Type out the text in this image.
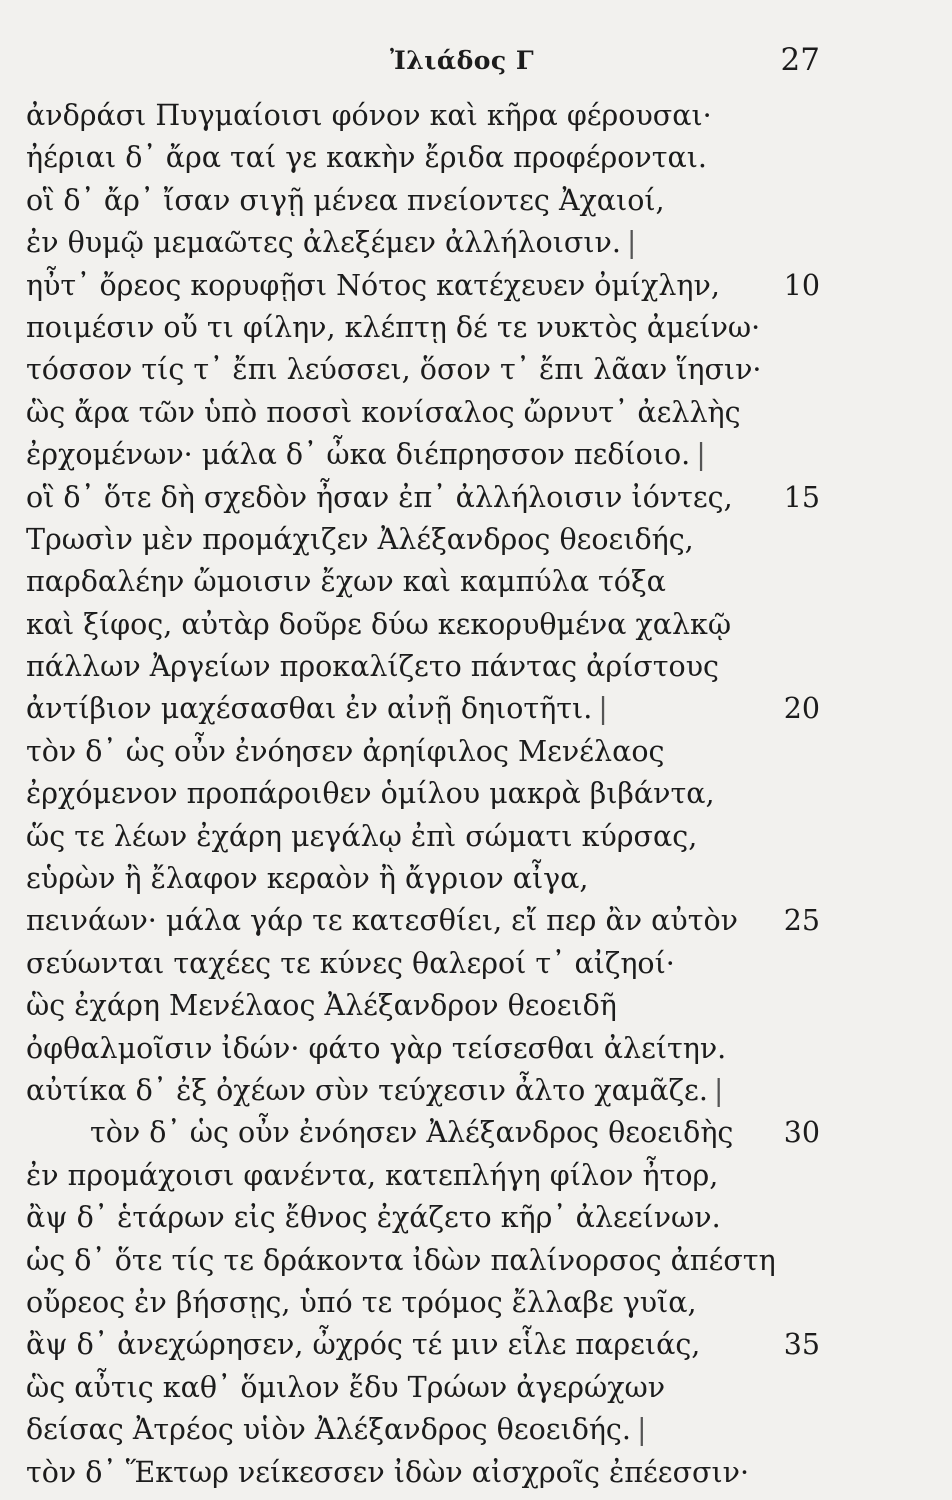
Ἰλιάδος Γ	27
ἀνδράσι Πυγμαίοισι φόνον καὶ κῆρα φέρουσαι·
ἠέριαι δ᾽ ἄρα ταί γε κακὴν ἔριδα προφέρονται.
οἳ δ᾽ ἄρ᾽ ἴσαν σιγῇ μένεα πνείοντες Ἀχαιοί,
ἐν θυμῷ μεμαῶτες ἀλεξέμεν ἀλλήλοισιν. |
ηὖτ᾽ ὄρεος κορυφῇσι Νότος κατέχευεν ὀμίχλην, 10
ποιμέσιν οὔ τι φίλην, κλέπτῃ δέ τε νυκτὸς ἀμείνω·
τόσσον τίς τ᾽ ἔπι λεύσσει, ὅσον τ᾽ ἔπι λᾶαν ἵησιν·
ὣς ἄρα τῶν ὑπὸ ποσσὶ κονίσαλος ὤρνυτ᾽ ἀελλὴς
ἐρχομένων· μάλα δ᾽ ὦκα διέπρησσον πεδίοιο. |
οἳ δ᾽ ὅτε δὴ σχεδὸν ἦσαν ἐπ᾽ ἀλλήλοισιν ἰόντες, 15
Τρωσὶν μὲν προμάχιζεν Ἀλέξανδρος θεοειδής,
παρδαλέην ὤμοισιν ἔχων καὶ καμπύλα τόξα
καὶ ξίφος, αὐτὰρ δοῦρε δύω κεκορυθμένα χαλκῷ
πάλλων Ἀργείων προκαλίζετο πάντας ἀρίστους
ἀντίβιον μαχέσασθαι ἐν αἰνῇ δηιοτῆτι. |	20
τὸν δ᾽ ὡς οὖν ἐνόησεν ἀρηίφιλος Μενέλαος
ἐρχόμενον προπάροιθεν ὁμίλου μακρὰ βιβάντα,
ὥς τε λέων ἐχάρη μεγάλῳ ἐπὶ σώματι κύρσας,
εὑρὼν ἢ ἔλαφον κεραὸν ἢ ἄγριον αἶγα,
πεινάων· μάλα γάρ τε κατεσθίει, εἴ περ ἂν αὐτὸν 25
σεύωνται ταχέες τε κύνες θαλεροί τ᾽ αἰζηοί·
ὣς ἐχάρη Μενέλαος Ἀλέξανδρον θεοειδῆ
ὀφθαλμοῖσιν ἰδών· φάτο γὰρ τείσεσθαι ἀλείτην.
αὐτίκα δ᾽ ἐξ ὀχέων σὺν τεύχεσιν ἆλτο χαμᾶζε. |
τὸν δ᾽ ὡς οὖν ἐνόησεν Ἀλέξανδρος θεοειδὴς 30
ἐν προμάχοισι φανέντα, κατεπλήγη φίλον ἦτορ,
ἂψ δ᾽ ἑτάρων εἰς ἔθνος ἐχάζετο κῆρ᾽ ἀλεείνων.
ὡς δ᾽ ὅτε τίς τε δράκοντα ἰδὼν παλίνορσος ἀπέστη
οὔρεος ἐν βήσσῃς, ὑπό τε τρόμος ἔλλαβε γυῖα,
ἂψ δ᾽ ἀνεχώρησεν, ὦχρός τέ μιν εἷλε παρειάς,	35
ὣς αὖτις καθ᾽ ὅμιλον ἔδυ Τρώων ἀγερώχων
δείσας Ἀτρέος υἱὸν Ἀλέξανδρος θεοειδής. |
τὸν δ᾽ Ἕκτωρ νείκεσσεν ἰδὼν αἰσχροῖς ἐπέεσσιν·
